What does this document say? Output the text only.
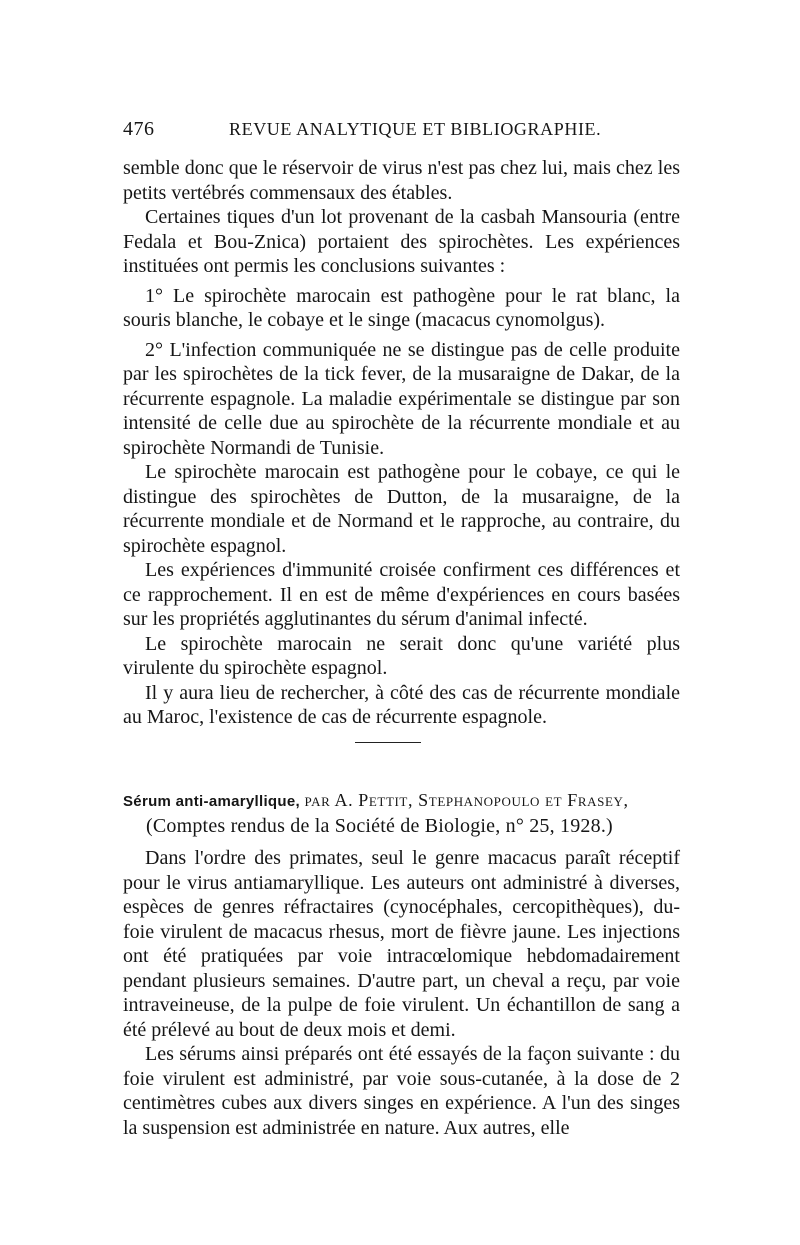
476	REVUE ANALYTIQUE ET BIBLIOGRAPHIE.

semble donc que le réservoir de virus n'est pas chez lui, mais chez les petits vertébrés commensaux des étables.

Certaines tiques d'un lot provenant de la casbah Mansouria (entre Fedala et Bou-Znica) portaient des spirochètes. Les expériences instituées ont permis les conclusions suivantes :

1° Le spirochète marocain est pathogène pour le rat blanc, la souris blanche, le cobaye et le singe (macacus cynomolgus).

2° L'infection communiquée ne se distingue pas de celle produite par les spirochètes de la tick fever, de la musaraigne de Dakar, de la récurrente espagnole. La maladie expérimentale se distingue par son intensité de celle due au spirochète de la récurrente mondiale et au spirochète Normandi de Tunisie.

Le spirochète marocain est pathogène pour le cobaye, ce qui le distingue des spirochètes de Dutton, de la musaraigne, de la récurrente mondiale et de Normand et le rapproche, au contraire, du spirochète espagnol.

Les expériences d'immunité croisée confirment ces différences et ce rapprochement. Il en est de même d'expériences en cours basées sur les propriétés agglutinantes du sérum d'animal infecté.

Le spirochète marocain ne serait donc qu'une variété plus virulente du spirochète espagnol.

Il y aura lieu de rechercher, à côté des cas de récurrente mondiale au Maroc, l'existence de cas de récurrente espagnole.

Sérum anti-amaryllique, par A. Pettit, Stephanopoulo et Frasey,
(Comptes rendus de la Société de Biologie, n° 25, 1928.)

Dans l'ordre des primates, seul le genre macacus paraît réceptif pour le virus antiamaryllique. Les auteurs ont administré à diverses, espèces de genres réfractaires (cynocéphales, cercopithèques), du-foie virulent de macacus rhesus, mort de fièvre jaune. Les injections ont été pratiquées par voie intracœlomique hebdomadairement pendant plusieurs semaines. D'autre part, un cheval a reçu, par voie intraveineuse, de la pulpe de foie virulent. Un échantillon de sang a été prélevé au bout de deux mois et demi.

Les sérums ainsi préparés ont été essayés de la façon suivante : du foie virulent est administré, par voie sous-cutanée, à la dose de 2 centimètres cubes aux divers singes en expérience. A l'un des singes la suspension est administrée en nature. Aux autres, elle
